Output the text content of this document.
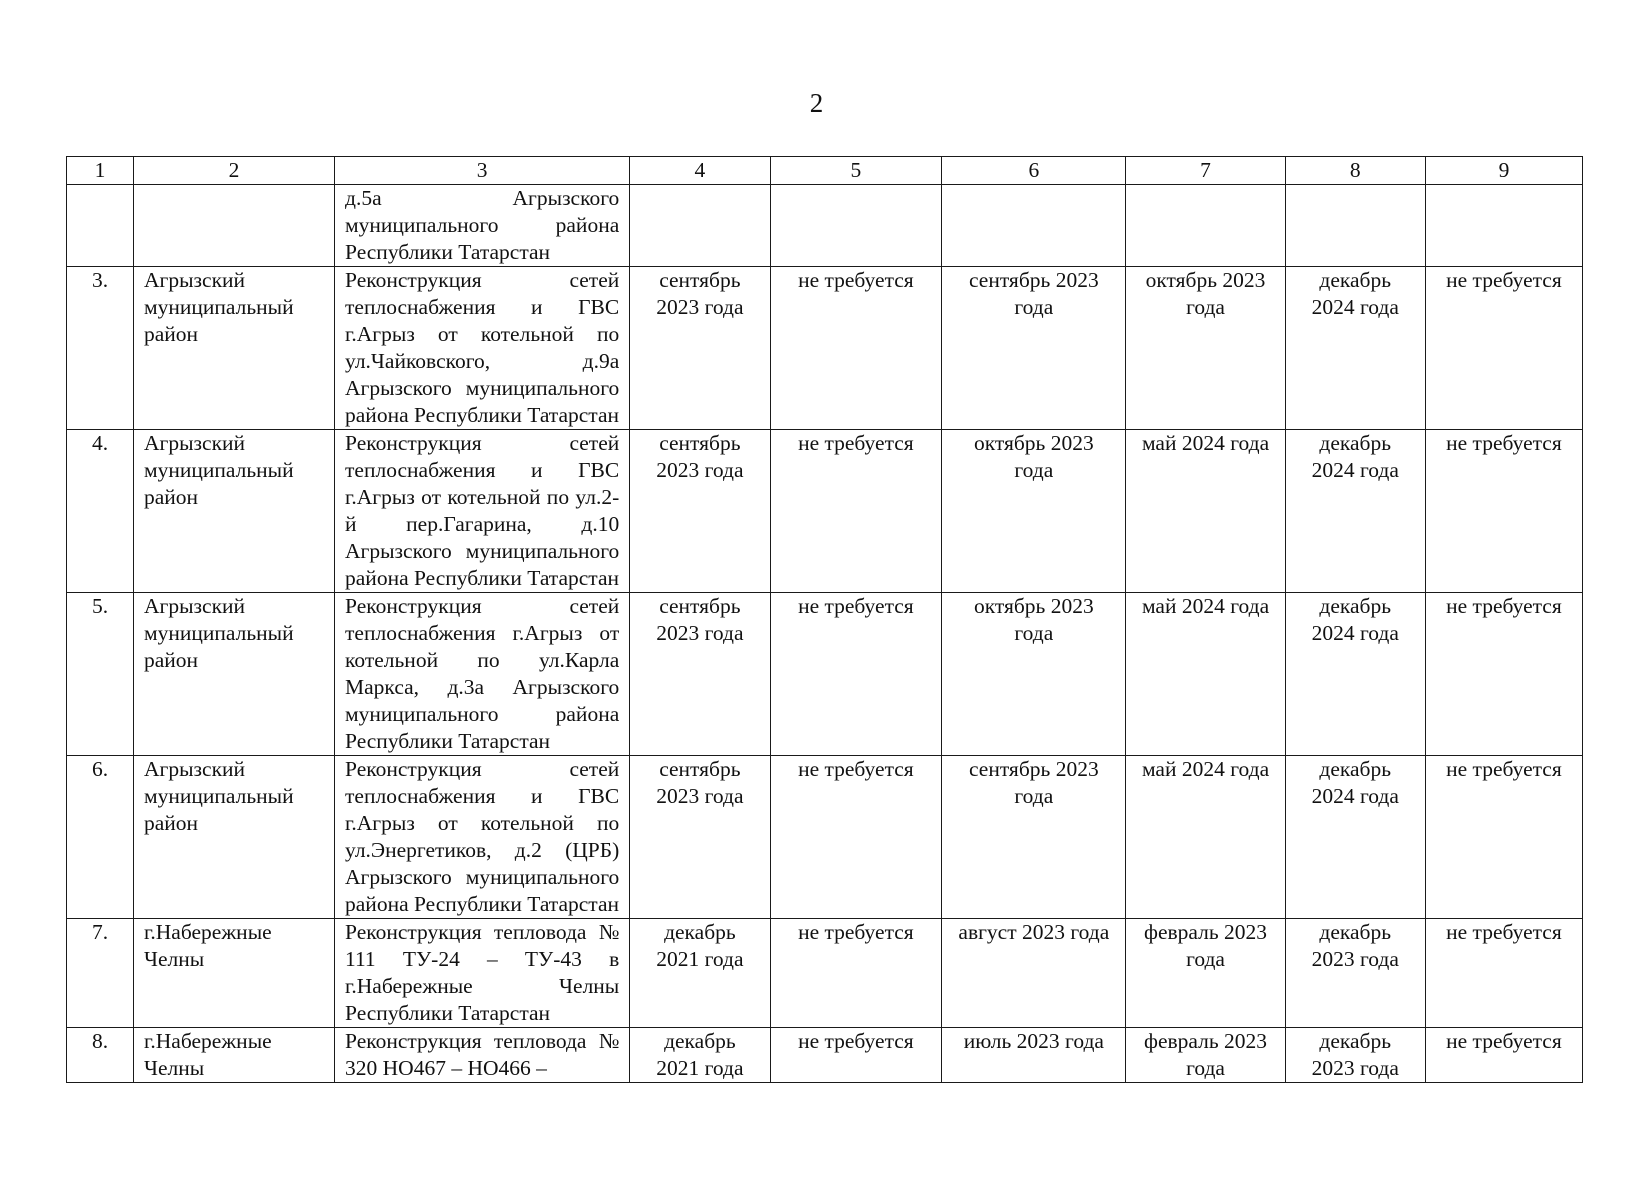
2
1	2	3	4	5	6	7	8	9
		д.5а Агрызского муниципального района Республики Татарстан						
3.	Агрызский муниципальный район	Реконструкция сетей теплоснабжения и ГВС г.Агрыз от котельной по ул.Чайковского, д.9а Агрызского муниципального района Республики Татарстан	сентябрь 2023 года	не требуется	сентябрь 2023 года	октябрь 2023 года	декабрь 2024 года	не требуется
4.	Агрызский муниципальный район	Реконструкция сетей теплоснабжения и ГВС г.Агрыз от котельной по ул.2-й пер.Гагарина, д.10 Агрызского муниципального района Республики Татарстан	сентябрь 2023 года	не требуется	октябрь 2023 года	май 2024 года	декабрь 2024 года	не требуется
5.	Агрызский муниципальный район	Реконструкция сетей теплоснабжения г.Агрыз от котельной по ул.Карла Маркса, д.3а Агрызского муниципального района Республики Татарстан	сентябрь 2023 года	не требуется	октябрь 2023 года	май 2024 года	декабрь 2024 года	не требуется
6.	Агрызский муниципальный район	Реконструкция сетей теплоснабжения и ГВС г.Агрыз от котельной по ул.Энергетиков, д.2 (ЦРБ) Агрызского муниципального района Республики Татарстан	сентябрь 2023 года	не требуется	сентябрь 2023 года	май 2024 года	декабрь 2024 года	не требуется
7.	г.Набережные Челны	Реконструкция тепловода № 111 ТУ-24 – ТУ-43 в г.Набережные Челны Республики Татарстан	декабрь 2021 года	не требуется	август 2023 года	февраль 2023 года	декабрь 2023 года	не требуется
8.	г.Набережные Челны	Реконструкция тепловода № 320 НО467 – НО466 –	декабрь 2021 года	не требуется	июль 2023 года	февраль 2023 года	декабрь 2023 года	не требуется
